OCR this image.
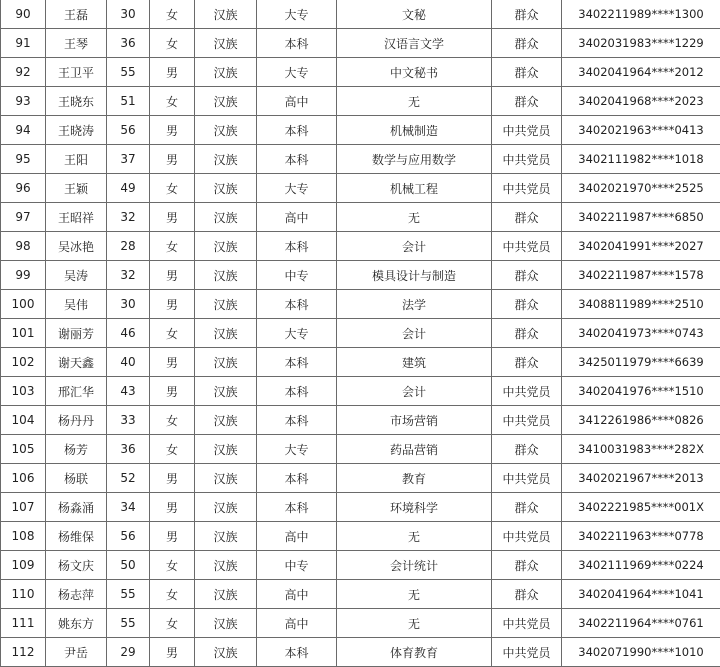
90	王磊	30	女	汉族	大专	文秘	群众	3402211989****1300
91	王琴	36	女	汉族	本科	汉语言文学	群众	3402031983****1229
92	王卫平	55	男	汉族	大专	中文秘书	群众	3402041964****2012
93	王晓东	51	女	汉族	高中	无	群众	3402041968****2023
94	王晓涛	56	男	汉族	本科	机械制造	中共党员	3402021963****0413
95	王阳	37	男	汉族	本科	数学与应用数学	中共党员	3402111982****1018
96	王颖	49	女	汉族	大专	机械工程	中共党员	3402021970****2525
97	王昭祥	32	男	汉族	高中	无	群众	3402211987****6850
98	吴冰艳	28	女	汉族	本科	会计	中共党员	3402041991****2027
99	吴涛	32	男	汉族	中专	模具设计与制造	群众	3402211987****1578
100	吴伟	30	男	汉族	本科	法学	群众	3408811989****2510
101	谢丽芳	46	女	汉族	大专	会计	群众	3402041973****0743
102	谢天鑫	40	男	汉族	本科	建筑	群众	3425011979****6639
103	邢汇华	43	男	汉族	本科	会计	中共党员	3402041976****1510
104	杨丹丹	33	女	汉族	本科	市场营销	中共党员	3412261986****0826
105	杨芳	36	女	汉族	大专	药品营销	群众	3410031983****282X
106	杨联	52	男	汉族	本科	教育	中共党员	3402021967****2013
107	杨淼涌	34	男	汉族	本科	环境科学	群众	3402221985****001X
108	杨维保	56	男	汉族	高中	无	中共党员	3402211963****0778
109	杨文庆	50	女	汉族	中专	会计统计	群众	3402111969****0224
110	杨志萍	55	女	汉族	高中	无	群众	3402041964****1041
111	姚东方	55	女	汉族	高中	无	中共党员	3402211964****0761
112	尹岳	29	男	汉族	本科	体育教育	中共党员	3402071990****1010
